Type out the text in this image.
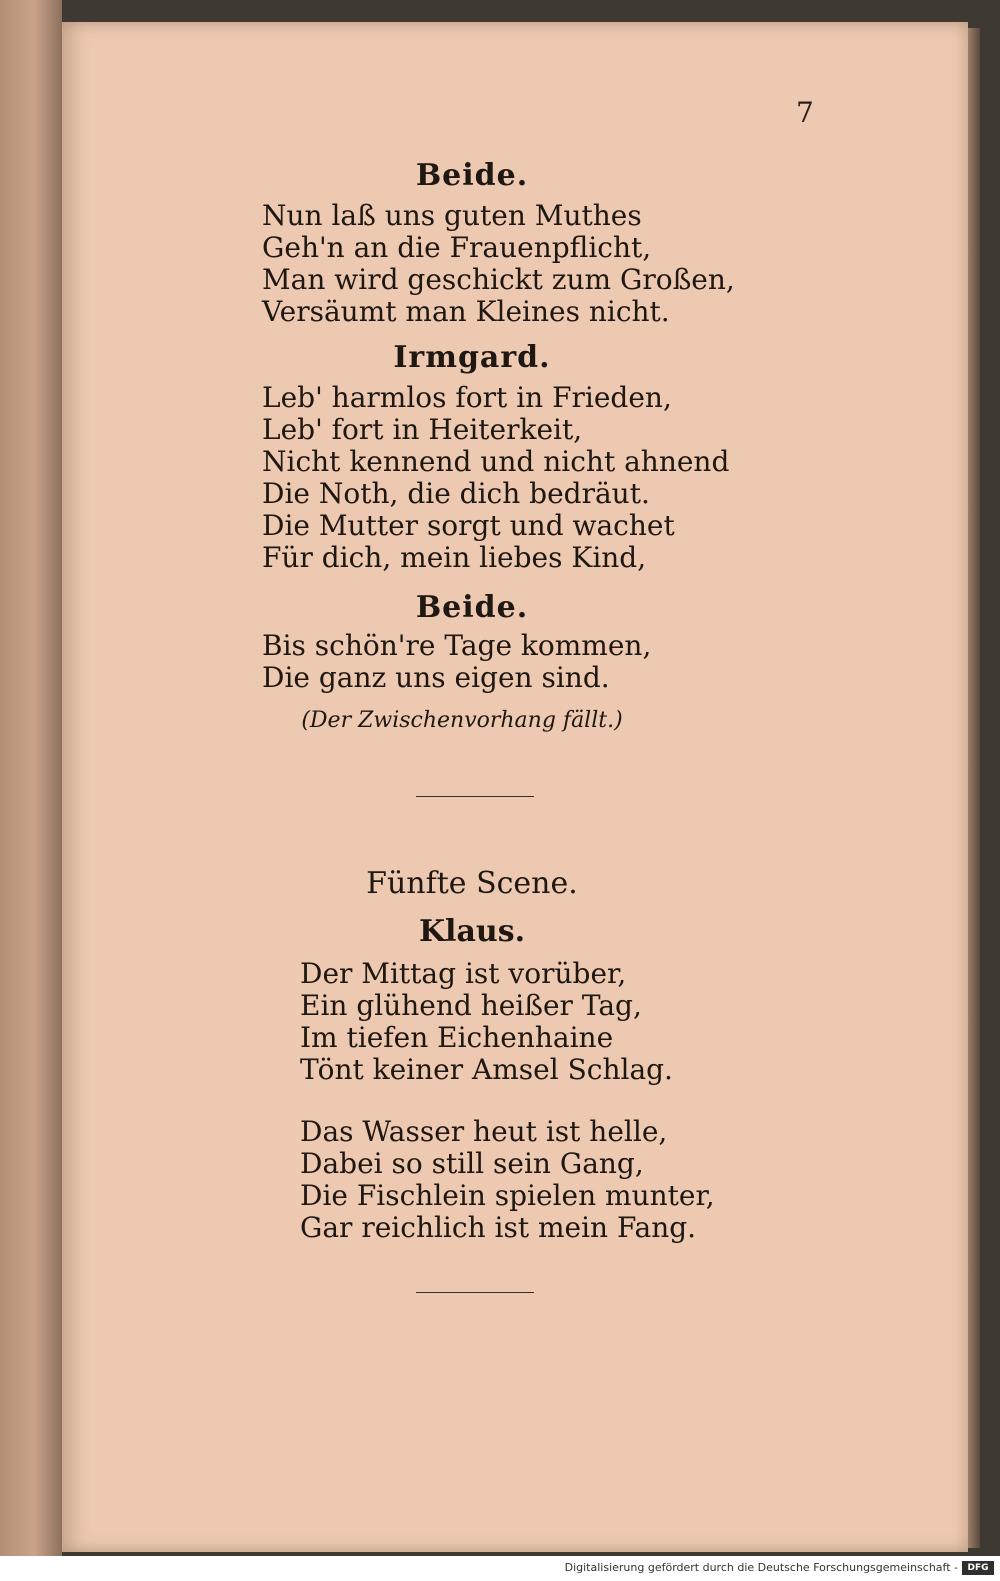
7
Beide.
Nun laß uns guten Muthes
Geh'n an die Frauenpflicht,
Man wird geschickt zum Großen,
Versäumt man Kleines nicht.
Irmgard.
Leb' harmlos fort in Frieden,
Leb' fort in Heiterkeit,
Nicht kennend und nicht ahnend
Die Noth, die dich bedräut.
Die Mutter sorgt und wachet
Für dich, mein liebes Kind,
Beide.
Bis schön're Tage kommen,
Die ganz uns eigen sind.
(Der Zwischenvorhang fällt.)
Fünfte Scene.
Klaus.
Der Mittag ist vorüber,
Ein glühend heißer Tag,
Im tiefen Eichenhaine
Tönt keiner Amsel Schlag.
Das Wasser heut ist helle,
Dabei so still sein Gang,
Die Fischlein spielen munter,
Gar reichlich ist mein Fang.
Digitalisierung gefördert durch die Deutsche Forschungsgemeinschaft -	DFG
